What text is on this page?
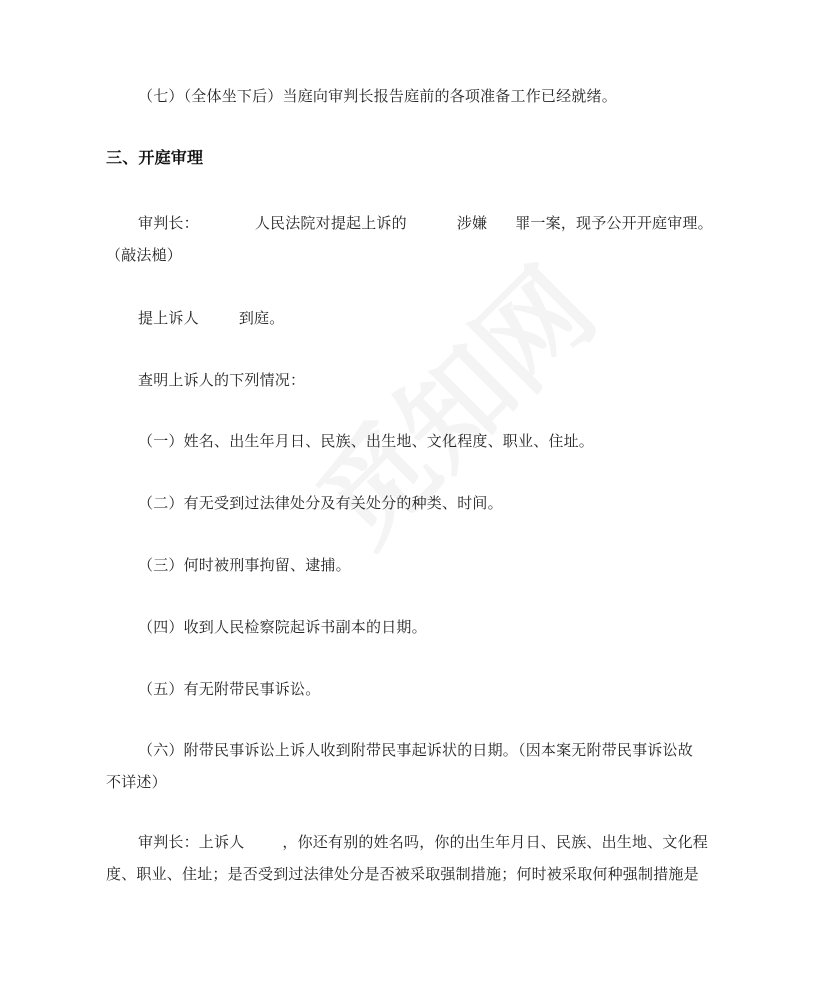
（七）（全体坐下后）当庭向审判长报告庭前的各项准备工作已经就绪。
三、开庭审理
审判长：	人民法院对提起上诉的	涉嫌 罪一案，现予公开开庭审理。
（敲法槌）
提上诉人	到庭。
查明上诉人的下列情况：
（一）姓名、出生年月日、民族、出生地、文化程度、职业、住址。
（二）有无受到过法律处分及有关处分的种类、时间。
（三）何时被刑事拘留、逮捕。
（四）收到人民检察院起诉书副本的日期。
（五）有无附带民事诉讼。
（六）附带民事诉讼上诉人收到附带民事起诉状的日期。（因本案无附带民事诉讼故
不详述）
审判长：上诉人	，你还有别的姓名吗，你的出生年月日、民族、出生地、文化程
度、职业、住址；是否受到过法律处分是否被采取强制措施；何时被采取何种强制措施是
